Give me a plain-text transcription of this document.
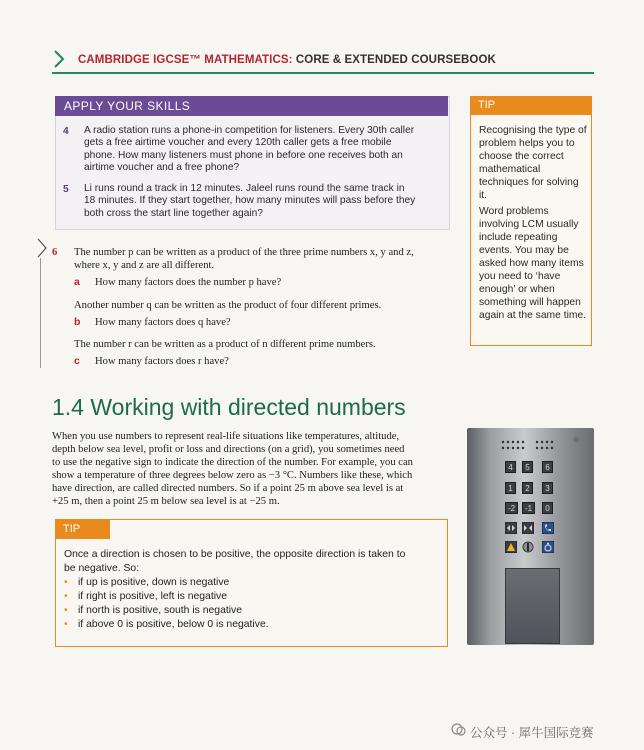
CAMBRIDGE IGCSE™ MATHEMATICS: CORE & EXTENDED COURSEBOOK
APPLY YOUR SKILLS
4 A radio station runs a phone-in competition for listeners. Every 30th caller
gets a free airtime voucher and every 120th caller gets a free mobile
phone. How many listeners must phone in before one receives both an
airtime voucher and a free phone?
5 Li runs round a track in 12 minutes. Jaleel runs round the same track in
18 minutes. If they start together, how many minutes will pass before they
both cross the start line together again?
TIP

Recognising the type of problem helps you to choose the correct mathematical techniques for solving it.

Word problems involving LCM usually include repeating events. You may be asked how many items you need to ‘have enough’ or when something will happen again at the same time.

6 The number p can be written as a product of the three prime numbers x, y and z,
where x, y and z are all different.
a How many factors does the number p have?
Another number q can be written as the product of four different primes.
b How many factors does q have?
The number r can be written as a product of n different prime numbers.
c How many factors does r have?
1.4 Working with directed numbers
When you use numbers to represent real-life situations like temperatures, altitude,
depth below sea level, profit or loss and directions (on a grid), you sometimes need
to use the negative sign to indicate the direction of the number. For example, you can
show a temperature of three degrees below zero as −3 °C. Numbers like these, which
have direction, are called directed numbers. So if a point 25 m above sea level is at
+25 m, then a point 25 m below sea level is at −25 m.
TIP
Once a direction is chosen to be positive, the opposite direction is taken to
be negative. So:
• if up is positive, down is negative
• if right is positive, left is negative
• if north is positive, south is negative
• if above 0 is positive, below 0 is negative.
4	5	6
1	2	3
-2	-1	0
公众号 · 犀牛国际竞赛
